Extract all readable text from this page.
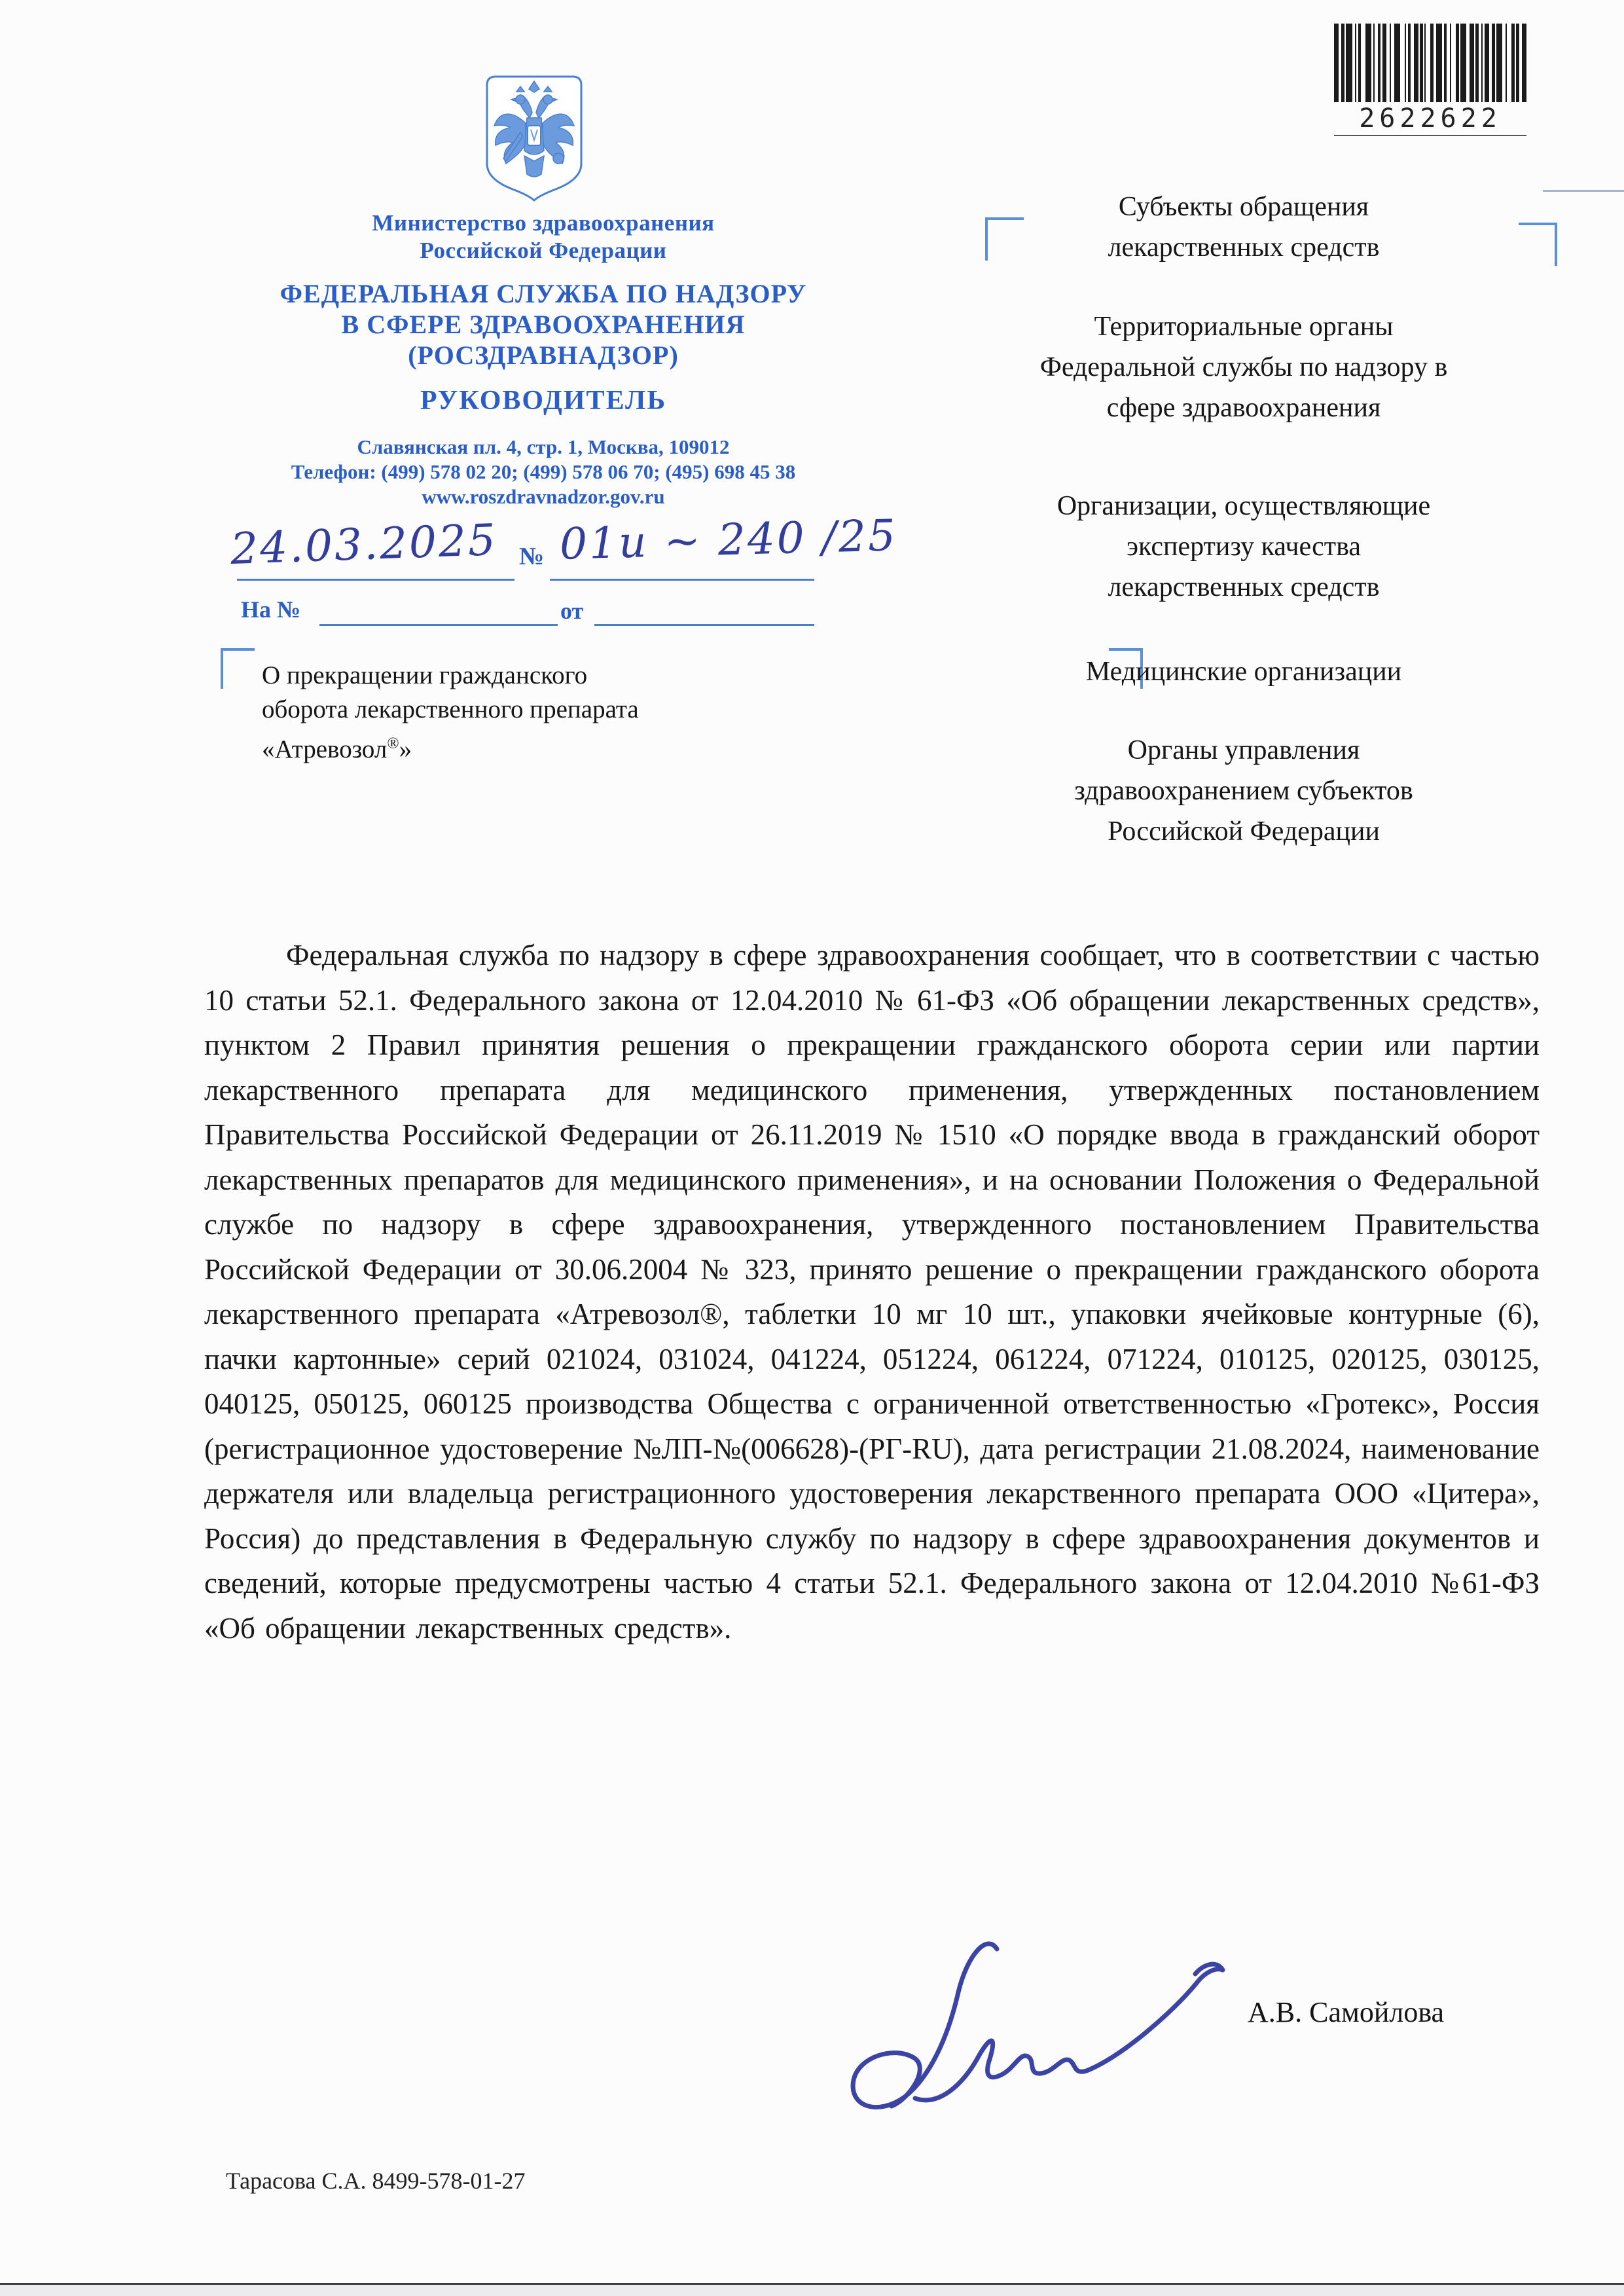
2622622
Министерство здравоохранения
Российской Федерации
ФЕДЕРАЛЬНАЯ СЛУЖБА ПО НАДЗОРУ
В СФЕРЕ ЗДРАВООХРАНЕНИЯ
(РОСЗДРАВНАДЗОР)
РУКОВОДИТЕЛЬ
Славянская пл. 4, стр. 1, Москва, 109012
Телефон: (499) 578 02 20; (499) 578 06 70; (495) 698 45 38
www.roszdravnadzor.gov.ru
24.03.2025 № 01и ~ 240 /25
На №	от
О прекращении гражданского
оборота лекарственного препарата
«Атревозол®»
Субъекты обращения
лекарственных средств
Территориальные органы
Федеральной службы по надзору в
сфере здравоохранения
Организации, осуществляющие
экспертизу качества
лекарственных средств
Медицинские организации
Органы управления
здравоохранением субъектов
Российской Федерации
Федеральная служба по надзору в сфере здравоохранения сообщает, что в соответствии с частью 10 статьи 52.1. Федерального закона от 12.04.2010 № 61-ФЗ «Об обращении лекарственных средств», пунктом 2 Правил принятия решения о прекращении гражданского оборота серии или партии лекарственного препарата для медицинского применения, утвержденных постановлением Правительства Российской Федерации от 26.11.2019 № 1510 «О порядке ввода в гражданский оборот лекарственных препаратов для медицинского применения», и на основании Положения о Федеральной службе по надзору в сфере здравоохранения, утвержденного постановлением Правительства Российской Федерации от 30.06.2004 № 323, принято решение о прекращении гражданского оборота лекарственного препарата «Атревозол®, таблетки 10 мг 10 шт., упаковки ячейковые контурные (6), пачки картонные» серий 021024, 031024, 041224, 051224, 061224, 071224, 010125, 020125, 030125, 040125, 050125, 060125 производства Общества с ограниченной ответственностью «Гротекс», Россия (регистрационное удостоверение №ЛП-№(006628)-(РГ-RU), дата регистрации 21.08.2024, наименование держателя или владельца регистрационного удостоверения лекарственного препарата ООО «Цитера», Россия) до представления в Федеральную службу по надзору в сфере здравоохранения документов и сведений, которые предусмотрены частью 4 статьи 52.1. Федерального закона от 12.04.2010 №61-ФЗ «Об обращении лекарственных средств».
А.В. Самойлова
Тарасова С.А. 8499-578-01-27
